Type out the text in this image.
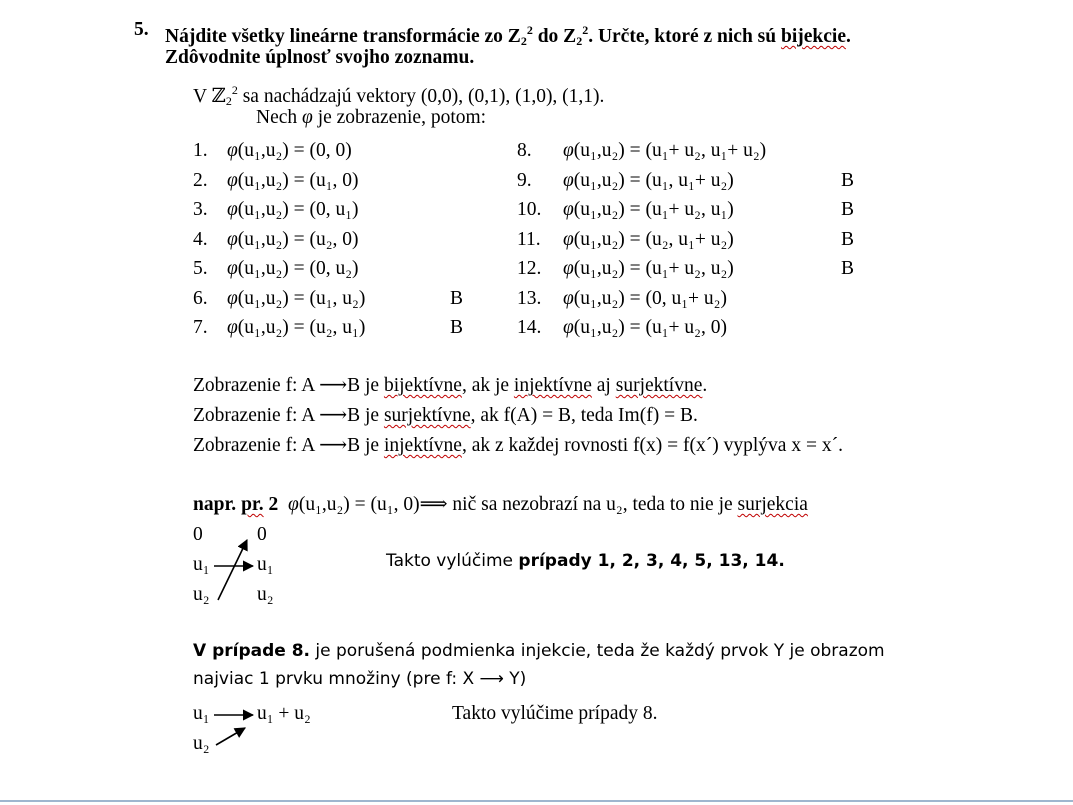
5. Nájdite všetky lineárne transformácie zo $Z2^2$ do $Z2^2$. Určte, ktoré z nich sú bijekcie.
Zdôvodnite úplnosť svojho zoznamu.
V $ℤ2^2$ sa nachádzajú vektory (0,0), (0,1), (1,0), (1,1).
Nech φ je zobrazenie, potom:
1. φ(u₁,u₂) = (0, 0)
2. φ(u₁,u₂) = (u₁, 0)
3. φ(u₁,u₂) = (0, u₁)
4. φ(u₁,u₂) = (u₂, 0)
5. φ(u₁,u₂) = (0, u₂)
6. φ(u₁,u₂) = (u₁, u₂)	B
7. φ(u₁,u₂) = (u₂, u₁)	B
8. φ(u₁,u₂) = (u₁+ u₂, u₁+ u₂)
9. φ(u₁,u₂) = (u₁, u₁+ u₂)	B
10. φ(u₁,u₂) = (u₁+ u₂, u₁)	B
11. φ(u₁,u₂) = (u₂, u₁+ u₂)	B
12. φ(u₁,u₂) = (u₁+ u₂, u₂)	B
13. φ(u₁,u₂) = (0, u₁+ u₂)
14. φ(u₁,u₂) = (u₁+ u₂, 0)
Zobrazenie f: A ⟶B je bijektívne, ak je injektívne aj surjektívne.
Zobrazenie f: A ⟶B je surjektívne, ak f(A) = B, teda Im(f) = B.
Zobrazenie f: A ⟶B je injektívne, ak z každej rovnosti f(x) = f(x´) vyplýva x = x´.
napr. pr. 2 φ(u₁,u₂) = (u₁, 0)⟹ nič sa nezobrazí na u₂, teda to nie je surjekcia
0
u₁
u₂
0
u₁
u₂
Takto vylúčime prípady 1, 2, 3, 4, 5, 13, 14.
V prípade 8. je porušená podmienka injekcie, teda že každý prvok Y je obrazom
najviac 1 prvku množiny (pre f: X ⟶ Y)
u₁
u₂
u₁ + u₂	Takto vylúčime prípady 8.
